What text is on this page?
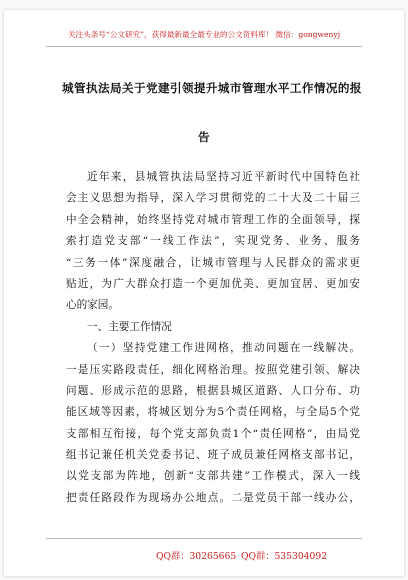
关注头条号“公文研究”，获得最新最全最专业的公文资料库！ 微信：gongwenyj
城管执法局关于党建引领提升城市管理水平工作情况的报
告
近年来，县城管执法局坚持习近平新时代中国特色社
会主义思想为指导，深入学习贯彻党的二十大及二十届三
中全会精神，始终坚持党对城市管理工作的全面领导，探
索打造党支部“一线工作法”，实现党务、业务、服务
“三务一体”深度融合，让城市管理与人民群众的需求更
贴近，为广大群众打造一个更加优美、更加宜居、更加安
心的家园。
一、主要工作情况
（一）坚持党建工作进网格，推动问题在一线解决。
一是压实路段责任，细化网格治理。按照党建引领、解决
问题、形成示范的思路，根据县城区道路、人口分布、功
能区域等因素，将城区划分为5个责任网格，与全局5个党
支部相互衔接，每个党支部负责1个“责任网格”，由局党
组书记兼任机关党委书记、班子成员兼任网格支部书记，
以党支部为阵地，创新“支部共建”工作模式，深入一线
把责任路段作为现场办公地点。二是党员干部一线办公，
QQ群：30265665 QQ群：535304092
